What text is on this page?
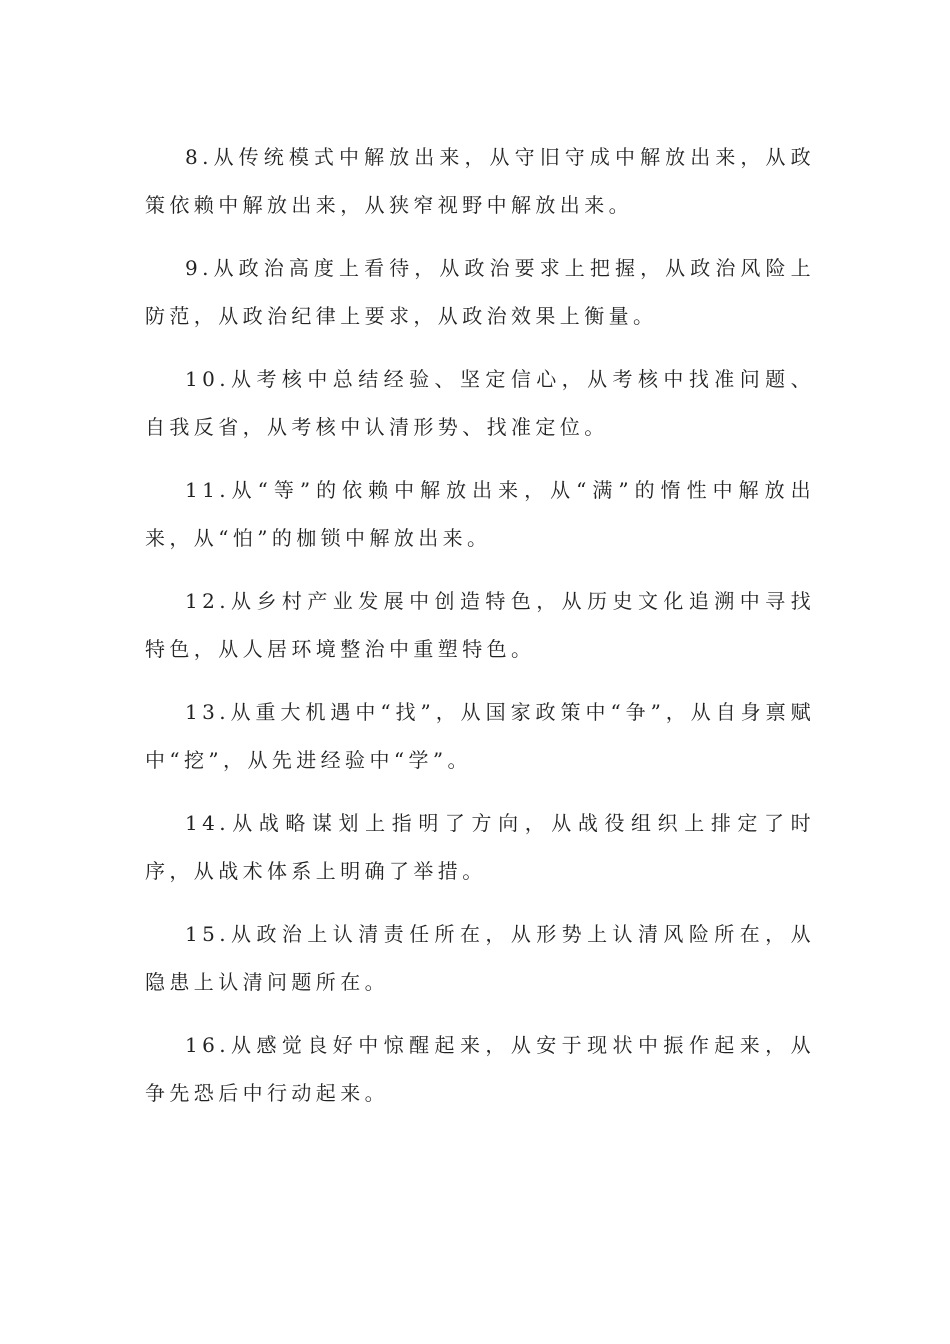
8.从传统模式中解放出来，从守旧守成中解放出来，从政策依赖中解放出来，从狭窄视野中解放出来。

9.从政治高度上看待，从政治要求上把握，从政治风险上防范，从政治纪律上要求，从政治效果上衡量。

10.从考核中总结经验、坚定信心，从考核中找准问题、自我反省，从考核中认清形势、找准定位。

11.从“等”的依赖中解放出来，从“满”的惰性中解放出来，从“怕”的枷锁中解放出来。

12.从乡村产业发展中创造特色，从历史文化追溯中寻找特色，从人居环境整治中重塑特色。

13.从重大机遇中“找”，从国家政策中“争”，从自身禀赋中“挖”，从先进经验中“学”。

14.从战略谋划上指明了方向，从战役组织上排定了时序，从战术体系上明确了举措。

15.从政治上认清责任所在，从形势上认清风险所在，从隐患上认清问题所在。

16.从感觉良好中惊醒起来，从安于现状中振作起来，从争先恐后中行动起来。
